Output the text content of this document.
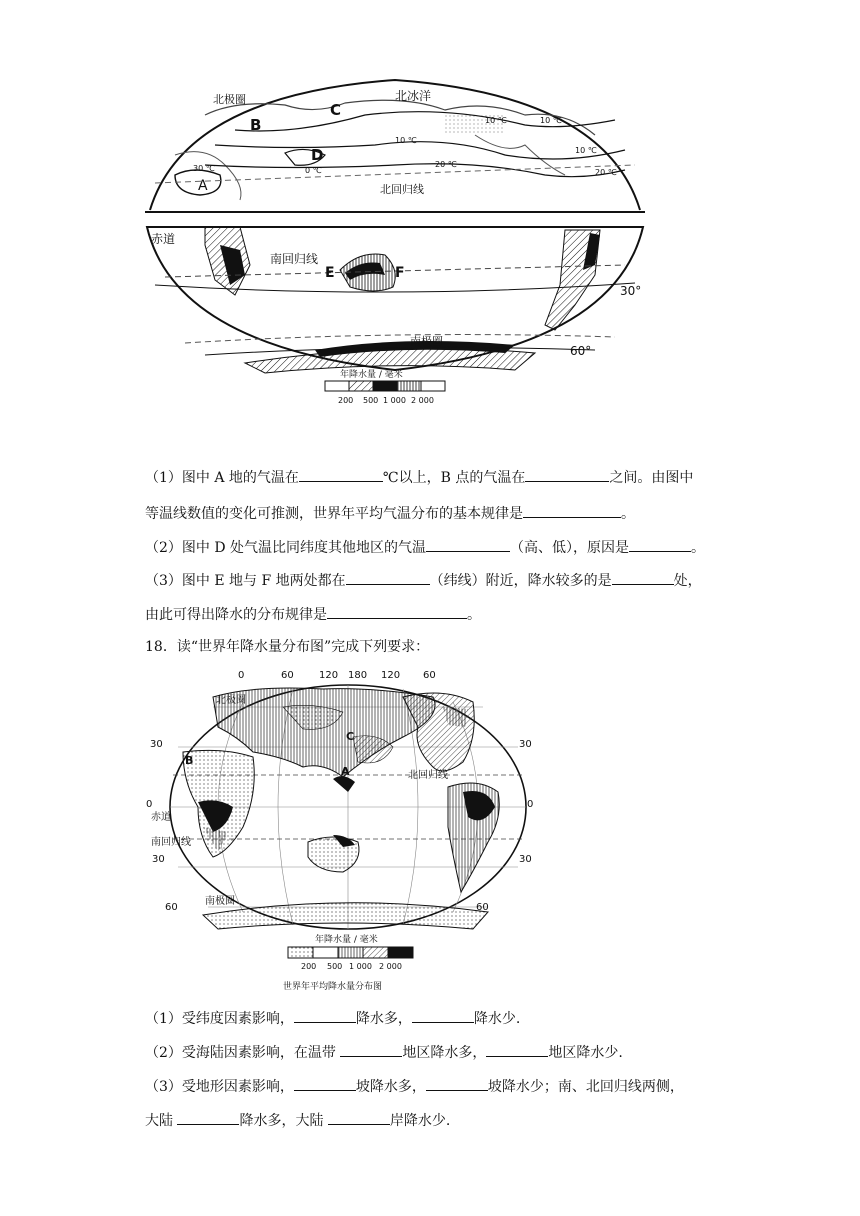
北极圈	北冰洋
B
C
D
A
30 ℃
10 ℃	10 ℃
10 ℃
10 ℃
20 ℃
20 ℃
0 ℃
北回归线
赤道
南回归线
E	F
30°
60°
南极圈
年降水量 / 毫米
200 500 1 000 2 000
（1）图中 A 地的气温在	℃以上，B 点的气温在	之间。由图中
等温线数值的变化可推测，世界年平均气温分布的基本规律是	。
（2）图中 D 处气温比同纬度其他地区的气温	（高、低），原因是	。
（3）图中 E 地与 F 地两处都在	（纬线）附近，降水较多的是	处，
由此可得出降水的分布规律是	。
18．读“世界年降水量分布图”完成下列要求：
0	60	120 180 120 60
30
0
30
60
30
0
30
60
北极圈
北回归线
赤道
南回归线
南极圈
A
B
C
年降水量 / 毫米
200 500 1 000 2 000
世界年平均降水量分布图
（1）受纬度因素影响，	降水多，	降水少.
（2）受海陆因素影响，在温带	地区降水多，	地区降水少.
（3）受地形因素影响，	坡降水多，	坡降水少；南、北回归线两侧，
大陆	降水多，大陆	岸降水少.
